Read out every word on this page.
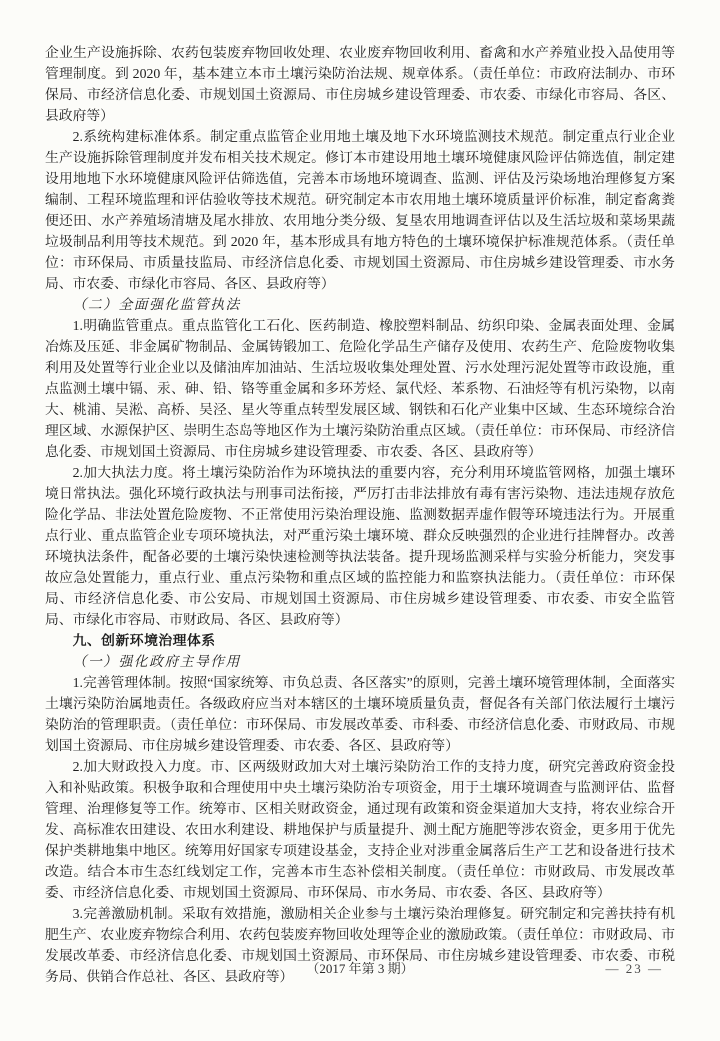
企业生产设施拆除、农药包装废弃物回收处理、农业废弃物回收利用、畜禽和水产养殖业投入品使用等管理制度。到 2020 年，基本建立本市土壤污染防治法规、规章体系。（责任单位：市政府法制办、市环保局、市经济信息化委、市规划国土资源局、市住房城乡建设管理委、市农委、市绿化市容局、各区、县政府等）

2.系统构建标准体系。制定重点监管企业用地土壤及地下水环境监测技术规范。制定重点行业企业生产设施拆除管理制度并发布相关技术规定。修订本市建设用地土壤环境健康风险评估筛选值，制定建设用地地下水环境健康风险评估筛选值，完善本市场地环境调查、监测、评估及污染场地治理修复方案编制、工程环境监理和评估验收等技术规范。研究制定本市农用地土壤环境质量评价标准，制定畜禽粪便还田、水产养殖场清塘及尾水排放、农用地分类分级、复垦农用地调查评估以及生活垃圾和菜场果蔬垃圾制品利用等技术规范。到 2020 年，基本形成具有地方特色的土壤环境保护标准规范体系。（责任单位：市环保局、市质量技监局、市经济信息化委、市规划国土资源局、市住房城乡建设管理委、市水务局、市农委、市绿化市容局、各区、县政府等）

（二）全面强化监管执法

1.明确监管重点。重点监管化工石化、医药制造、橡胶塑料制品、纺织印染、金属表面处理、金属冶炼及压延、非金属矿物制品、金属铸锻加工、危险化学品生产储存及使用、农药生产、危险废物收集利用及处置等行业企业以及储油库加油站、生活垃圾收集处理处置、污水处理污泥处置等市政设施，重点监测土壤中镉、汞、砷、铅、铬等重金属和多环芳烃、氯代烃、苯系物、石油烃等有机污染物，以南大、桃浦、吴淞、高桥、吴泾、星火等重点转型发展区域、钢铁和石化产业集中区域、生态环境综合治理区域、水源保护区、崇明生态岛等地区作为土壤污染防治重点区域。（责任单位：市环保局、市经济信息化委、市规划国土资源局、市住房城乡建设管理委、市农委、各区、县政府等）

2.加大执法力度。将土壤污染防治作为环境执法的重要内容，充分利用环境监管网格，加强土壤环境日常执法。强化环境行政执法与刑事司法衔接，严厉打击非法排放有毒有害污染物、违法违规存放危险化学品、非法处置危险废物、不正常使用污染治理设施、监测数据弄虚作假等环境违法行为。开展重点行业、重点监管企业专项环境执法，对严重污染土壤环境、群众反映强烈的企业进行挂牌督办。改善环境执法条件，配备必要的土壤污染快速检测等执法装备。提升现场监测采样与实验分析能力，突发事故应急处置能力，重点行业、重点污染物和重点区域的监控能力和监察执法能力。（责任单位：市环保局、市经济信息化委、市公安局、市规划国土资源局、市住房城乡建设管理委、市农委、市安全监管局、市绿化市容局、市财政局、各区、县政府等）

九、创新环境治理体系

（一）强化政府主导作用

1.完善管理体制。按照“国家统筹、市负总责、各区落实”的原则，完善土壤环境管理体制，全面落实土壤污染防治属地责任。各级政府应当对本辖区的土壤环境质量负责，督促各有关部门依法履行土壤污染防治的管理职责。（责任单位：市环保局、市发展改革委、市科委、市经济信息化委、市财政局、市规划国土资源局、市住房城乡建设管理委、市农委、各区、县政府等）

2.加大财政投入力度。市、区两级财政加大对土壤污染防治工作的支持力度，研究完善政府资金投入和补贴政策。积极争取和合理使用中央土壤污染防治专项资金，用于土壤环境调查与监测评估、监督管理、治理修复等工作。统筹市、区相关财政资金，通过现有政策和资金渠道加大支持，将农业综合开发、高标准农田建设、农田水利建设、耕地保护与质量提升、测土配方施肥等涉农资金，更多用于优先保护类耕地集中地区。统筹用好国家专项建设基金，支持企业对涉重金属落后生产工艺和设备进行技术改造。结合本市生态红线划定工作，完善本市生态补偿相关制度。（责任单位：市财政局、市发展改革委、市经济信息化委、市规划国土资源局、市环保局、市水务局、市农委、各区、县政府等）

3.完善激励机制。采取有效措施，激励相关企业参与土壤污染治理修复。研究制定和完善扶持有机肥生产、农业废弃物综合利用、农药包装废弃物回收处理等企业的激励政策。（责任单位：市财政局、市发展改革委、市经济信息化委、市规划国土资源局、市环保局、市住房城乡建设管理委、市农委、市税务局、供销合作总社、各区、县政府等）

（2017 年第 3 期）	— 23 —
